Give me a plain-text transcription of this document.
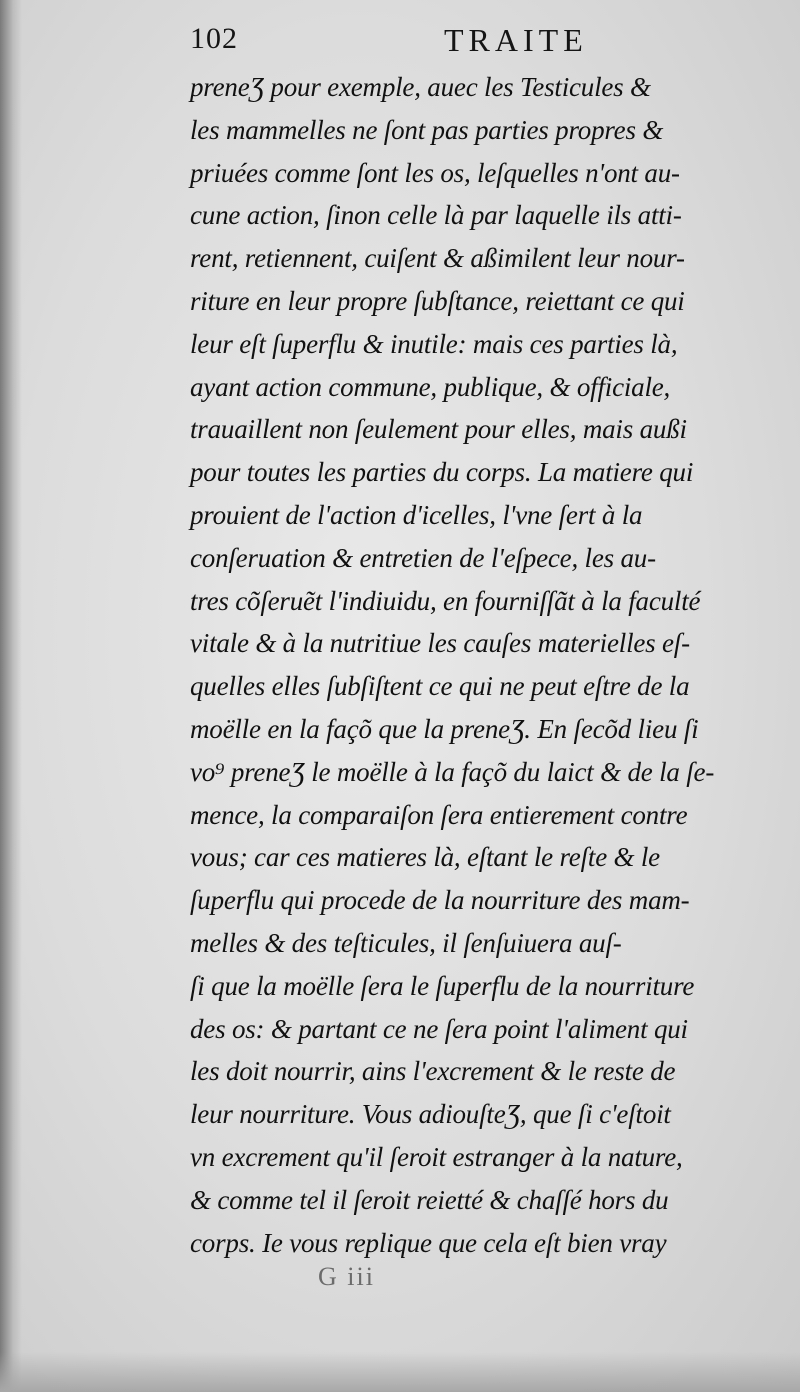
102	TRAITE
preneƷ pour exemple, auec les Testicules &
les mammelles ne ſont pas parties propres &
priuées comme ſont les os, leſquelles n'ont au-
cune action, ſinon celle là par laquelle ils atti-
rent, retiennent, cuiſent & aßimilent leur nour-
riture en leur propre ſubſtance, reiettant ce qui
leur eſt ſuperflu & inutile: mais ces parties là,
ayant action commune, publique, & officiale,
trauaillent non ſeulement pour elles, mais außi
pour toutes les parties du corps. La matiere qui
prouient de l'action d'icelles, l'vne ſert à la
conſeruation & entretien de l'eſpece, les au-
tres cõſeruẽt l'indiuidu, en fourniſſãt à la faculté
vitale & à la nutritiue les cauſes materielles eſ-
quelles elles ſubſiſtent ce qui ne peut eſtre de la
moëlle en la façõ que la preneƷ. En ſecõd lieu ſi
vo⁹ preneƷ le moëlle à la façõ du laict & de la ſe-
mence, la comparaiſon ſera entierement contre
vous; car ces matieres là, eſtant le reſte & le
ſuperflu qui procede de la nourriture des mam-
melles & des teſticules, il ſenſuiuera auſ-
ſi que la moëlle ſera le ſuperflu de la nourriture
des os: & partant ce ne ſera point l'aliment qui
les doit nourrir, ains l'excrement & le reste de
leur nourriture. Vous adiouſteƷ, que ſi c'eſtoit
vn excrement qu'il ſeroit estranger à la nature,
& comme tel il ſeroit reietté & chaſſé hors du
corps. Ie vous replique que cela eſt bien vray
G iii
